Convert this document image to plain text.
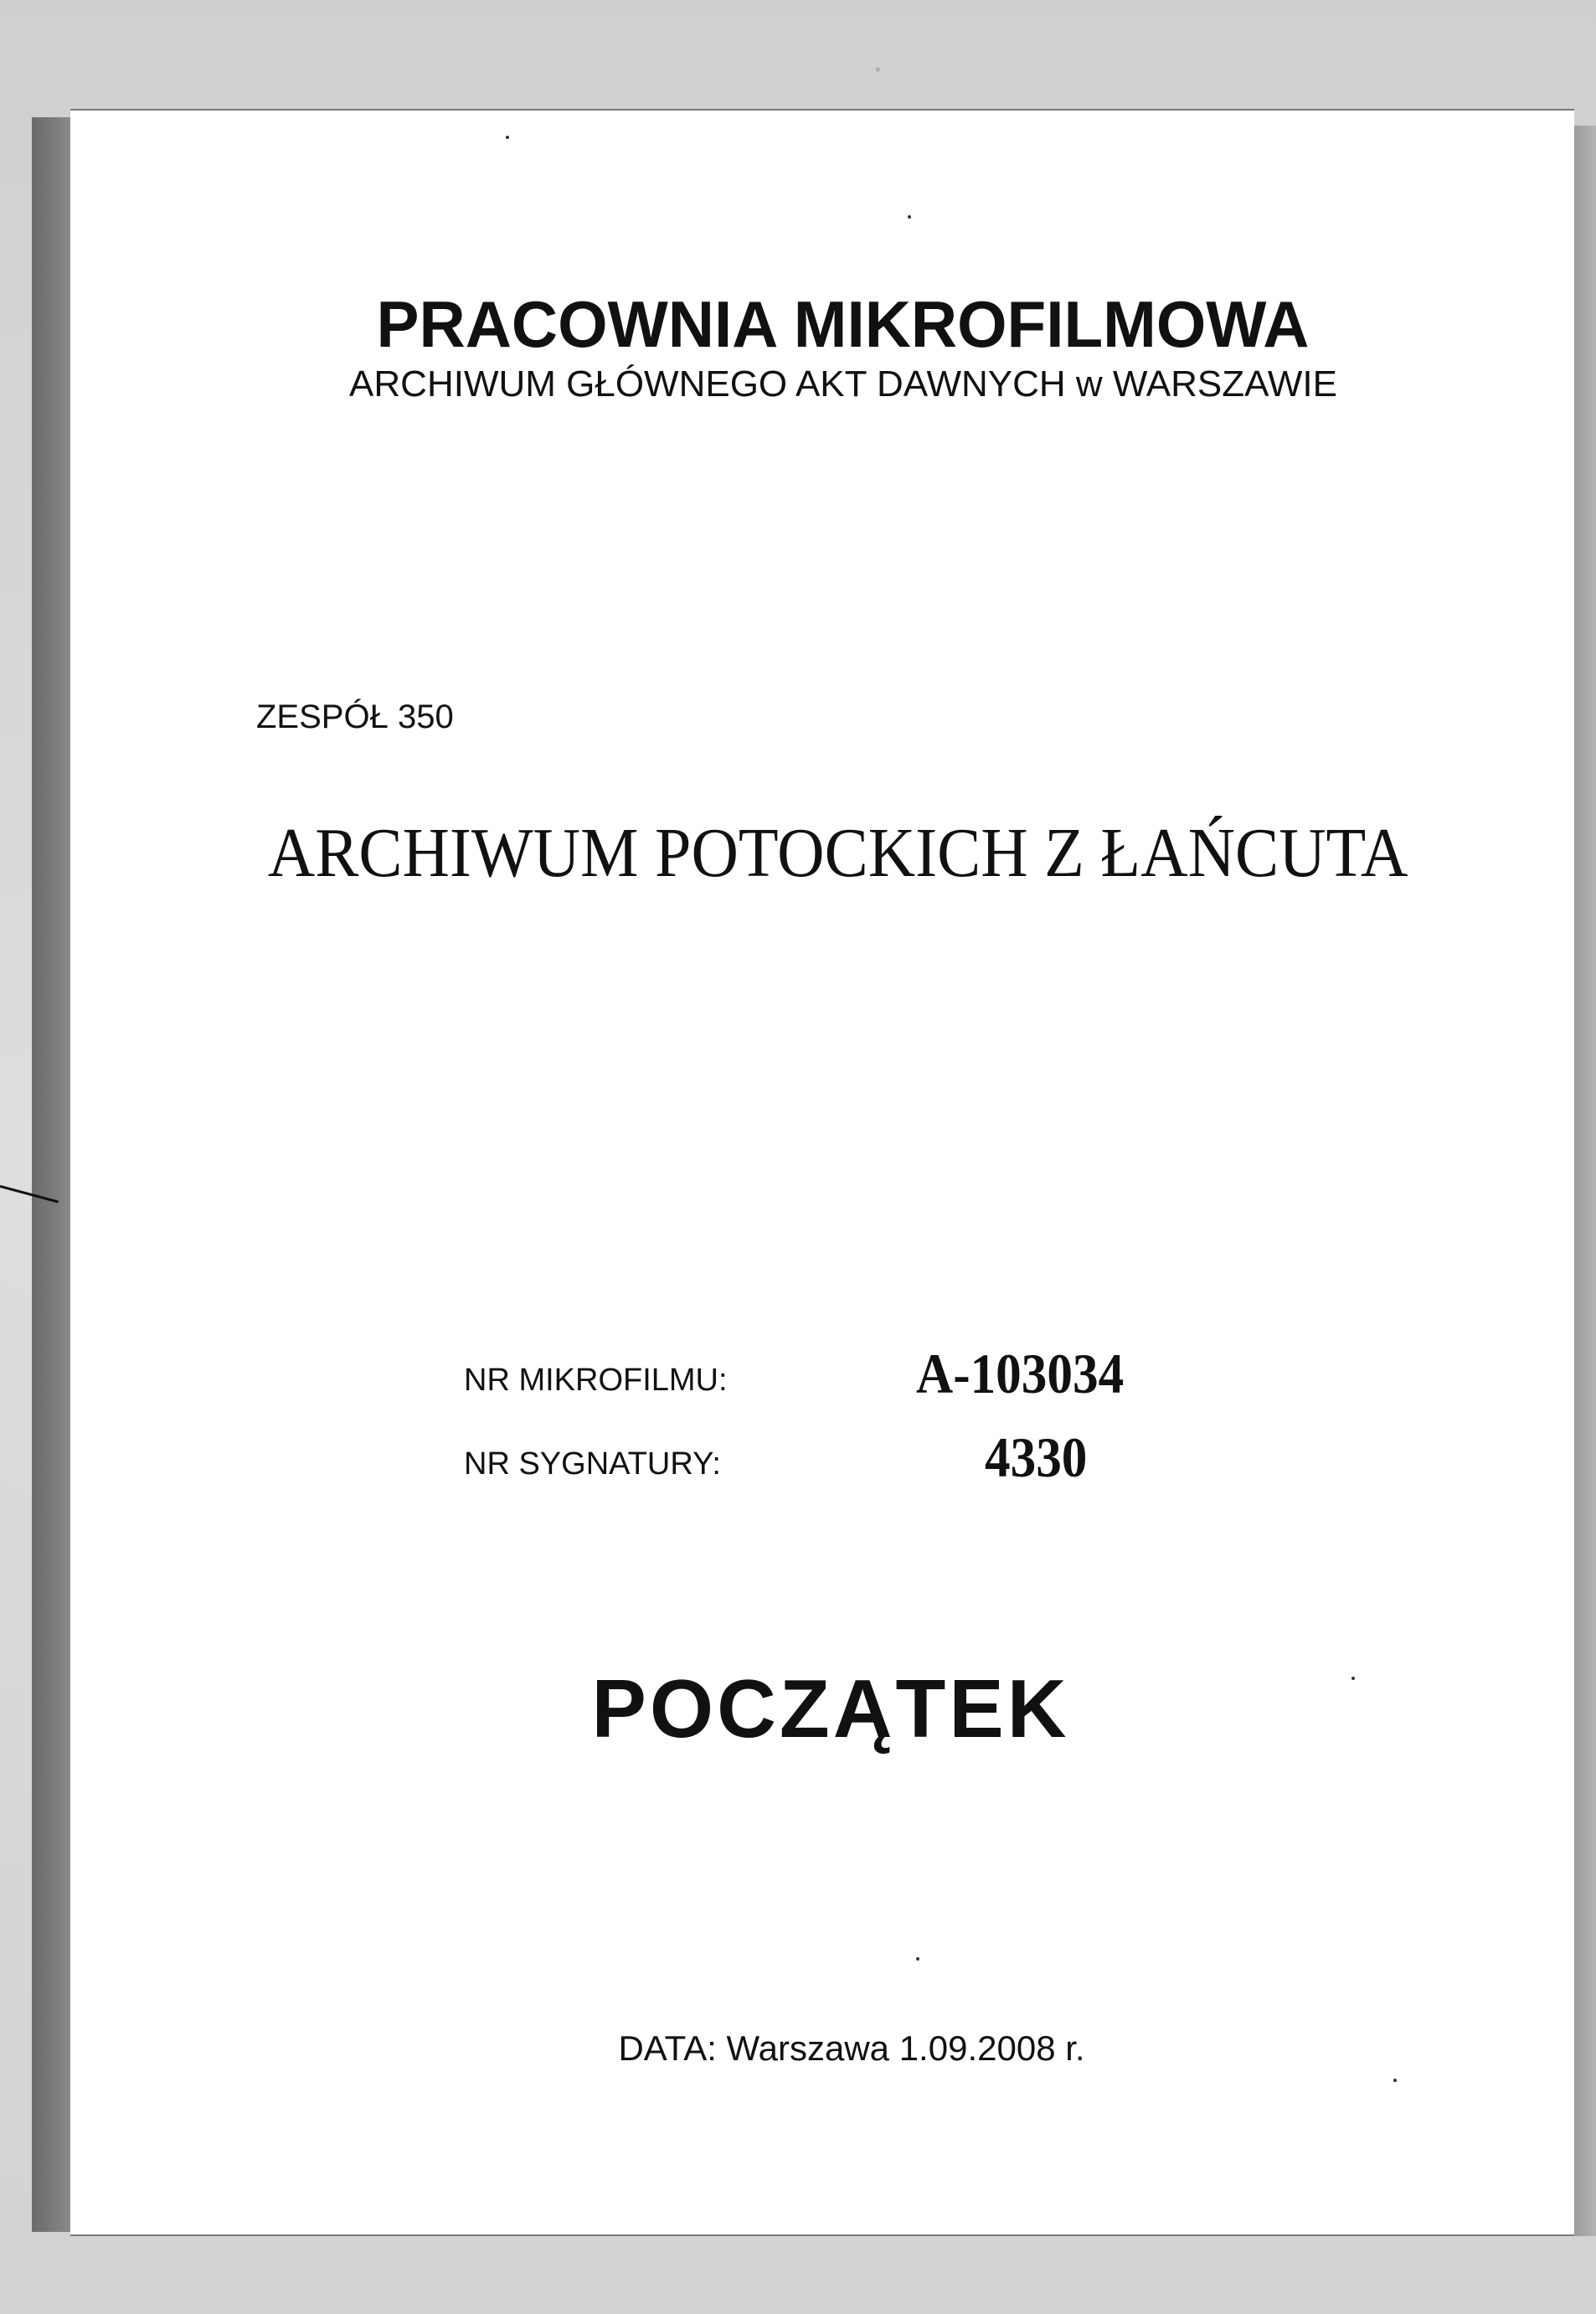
PRACOWNIA MIKROFILMOWA
ARCHIWUM GŁÓWNEGO AKT DAWNYCH w WARSZAWIE
ZESPÓŁ 350
ARCHIWUM POTOCKICH Z ŁAŃCUTA
NR MIKROFILMU:	A-103034
NR SYGNATURY:	4330
POCZĄTEK
DATA: Warszawa 1.09.2008 r.
